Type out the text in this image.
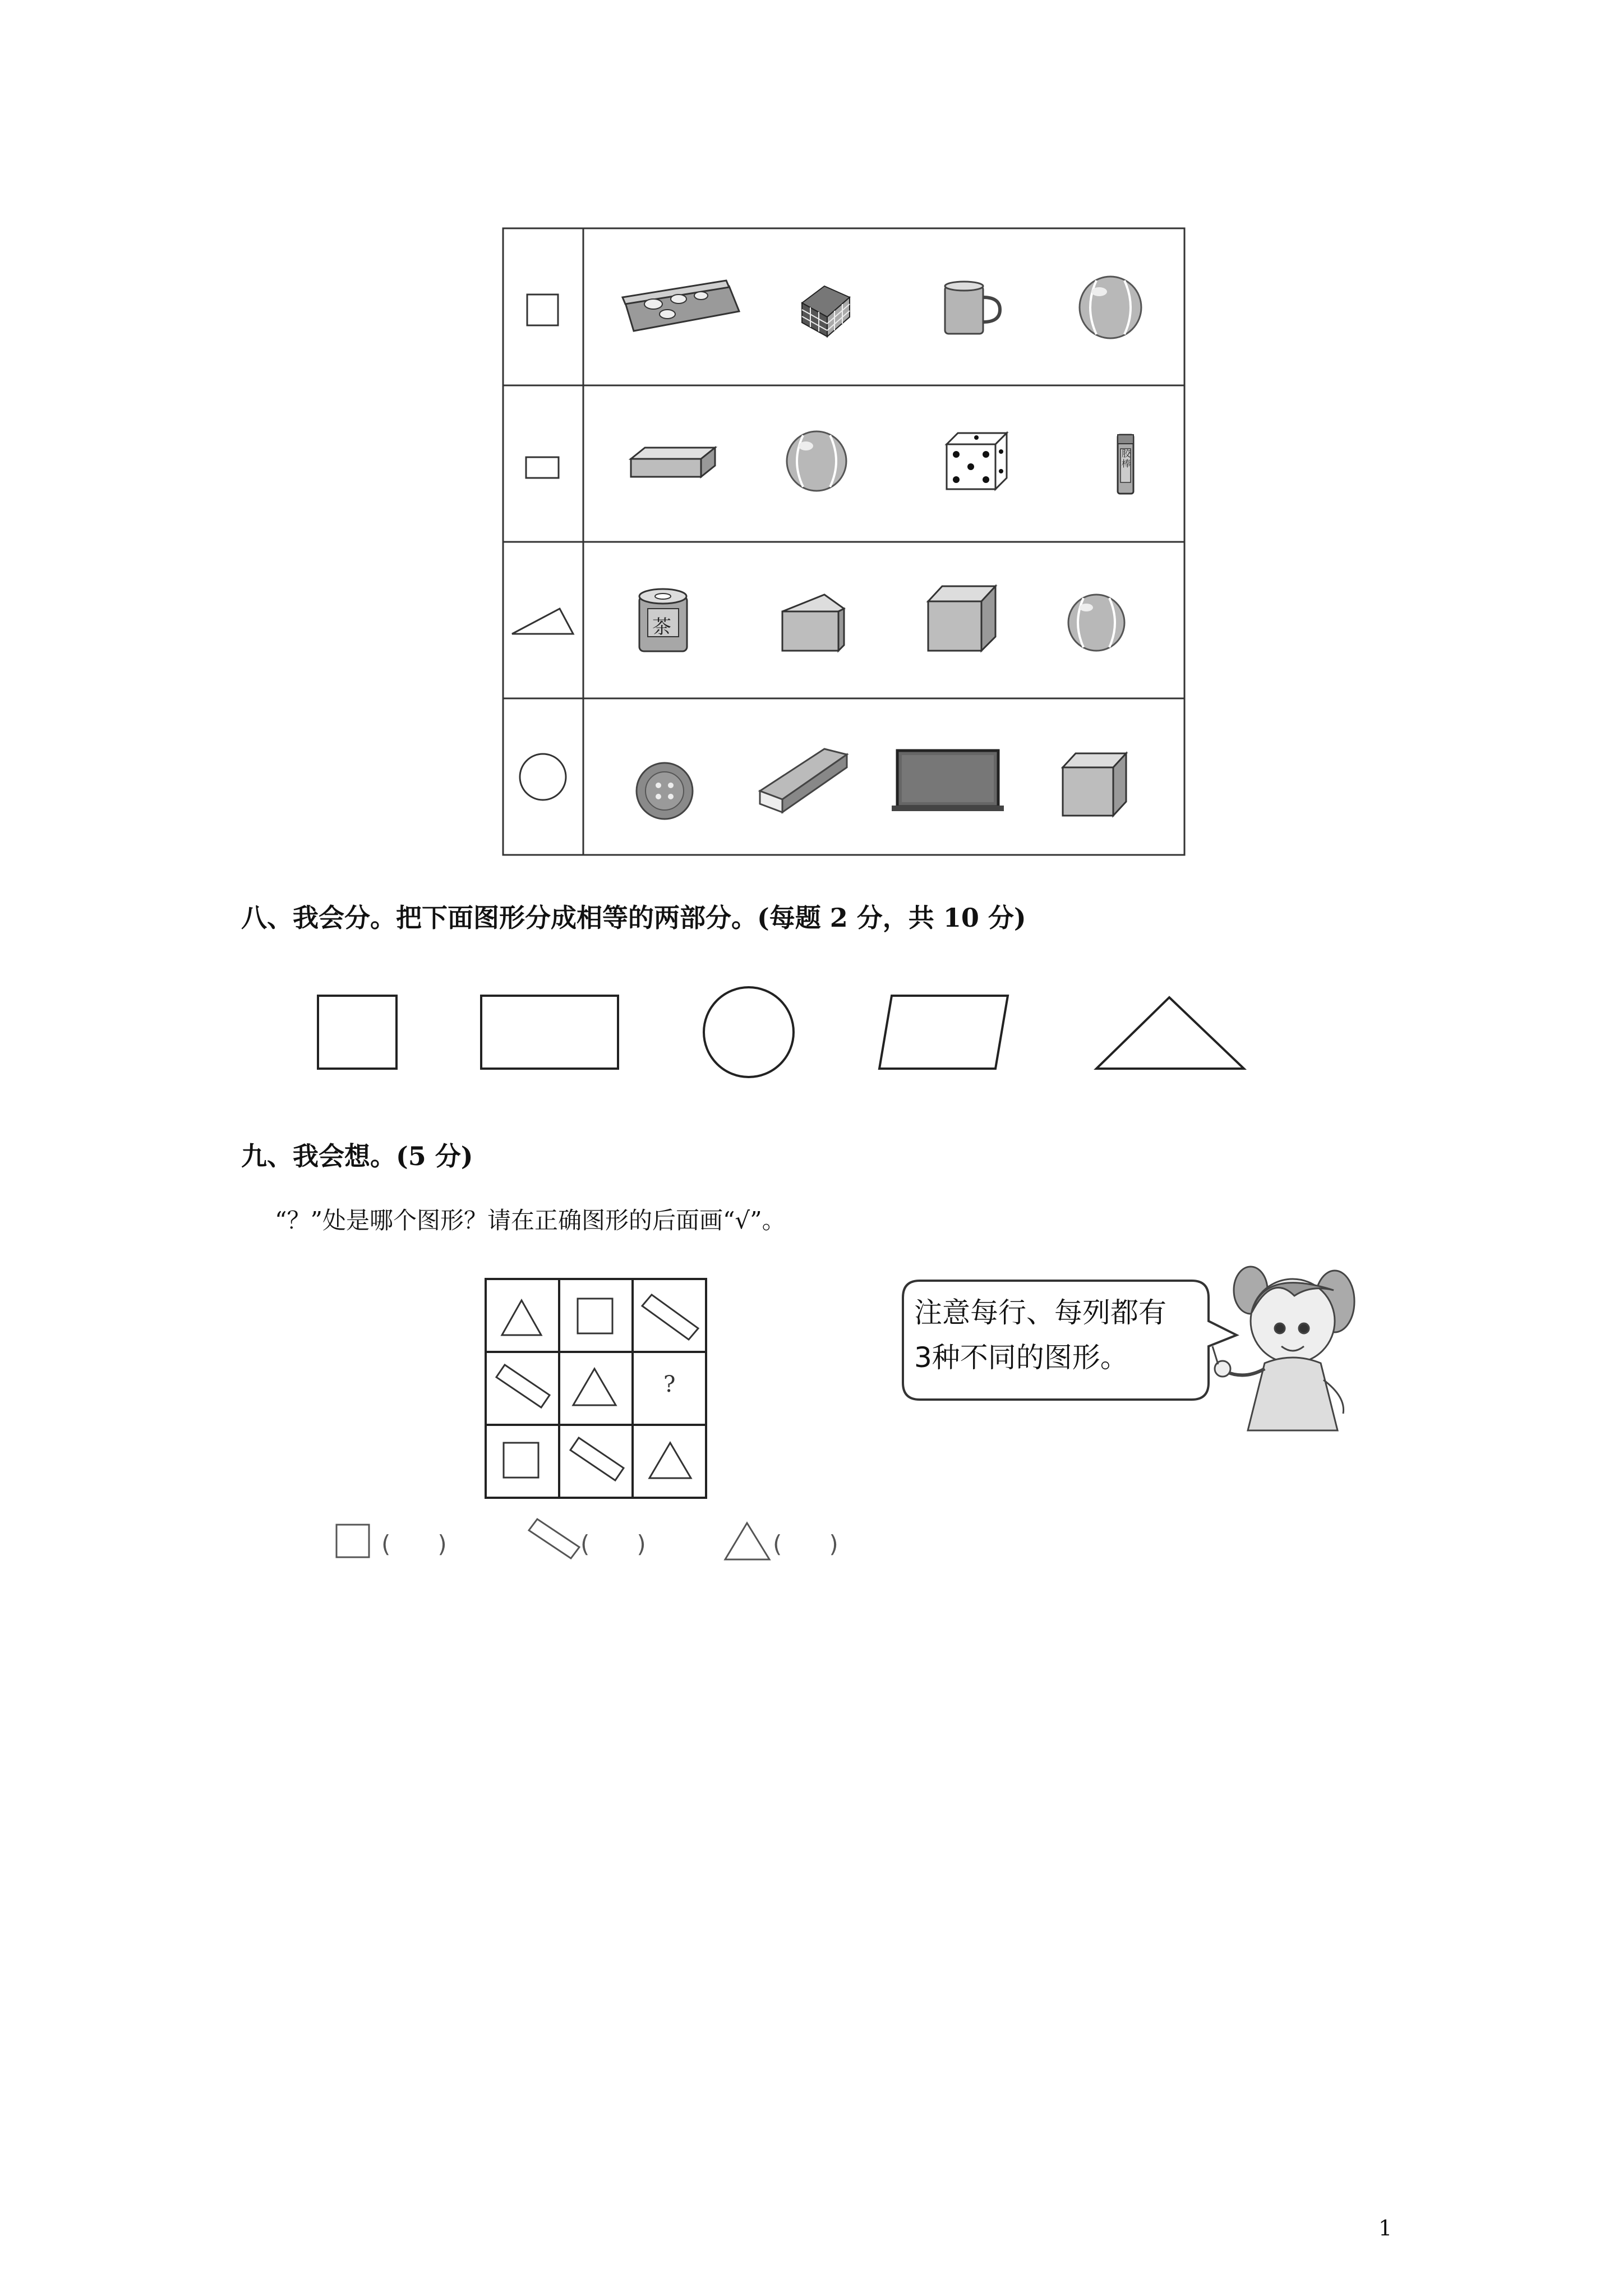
茶
胶棒
八、我会分。把下面图形分成相等的两部分。(每题 2 分，共 10 分)
九、我会想。(5 分)
“？”处是哪个图形？请在正确图形的后面画“√”。
注意每行、每列都有
3种不同的图形。
?
(　　)	(　　)	(　　)
1
